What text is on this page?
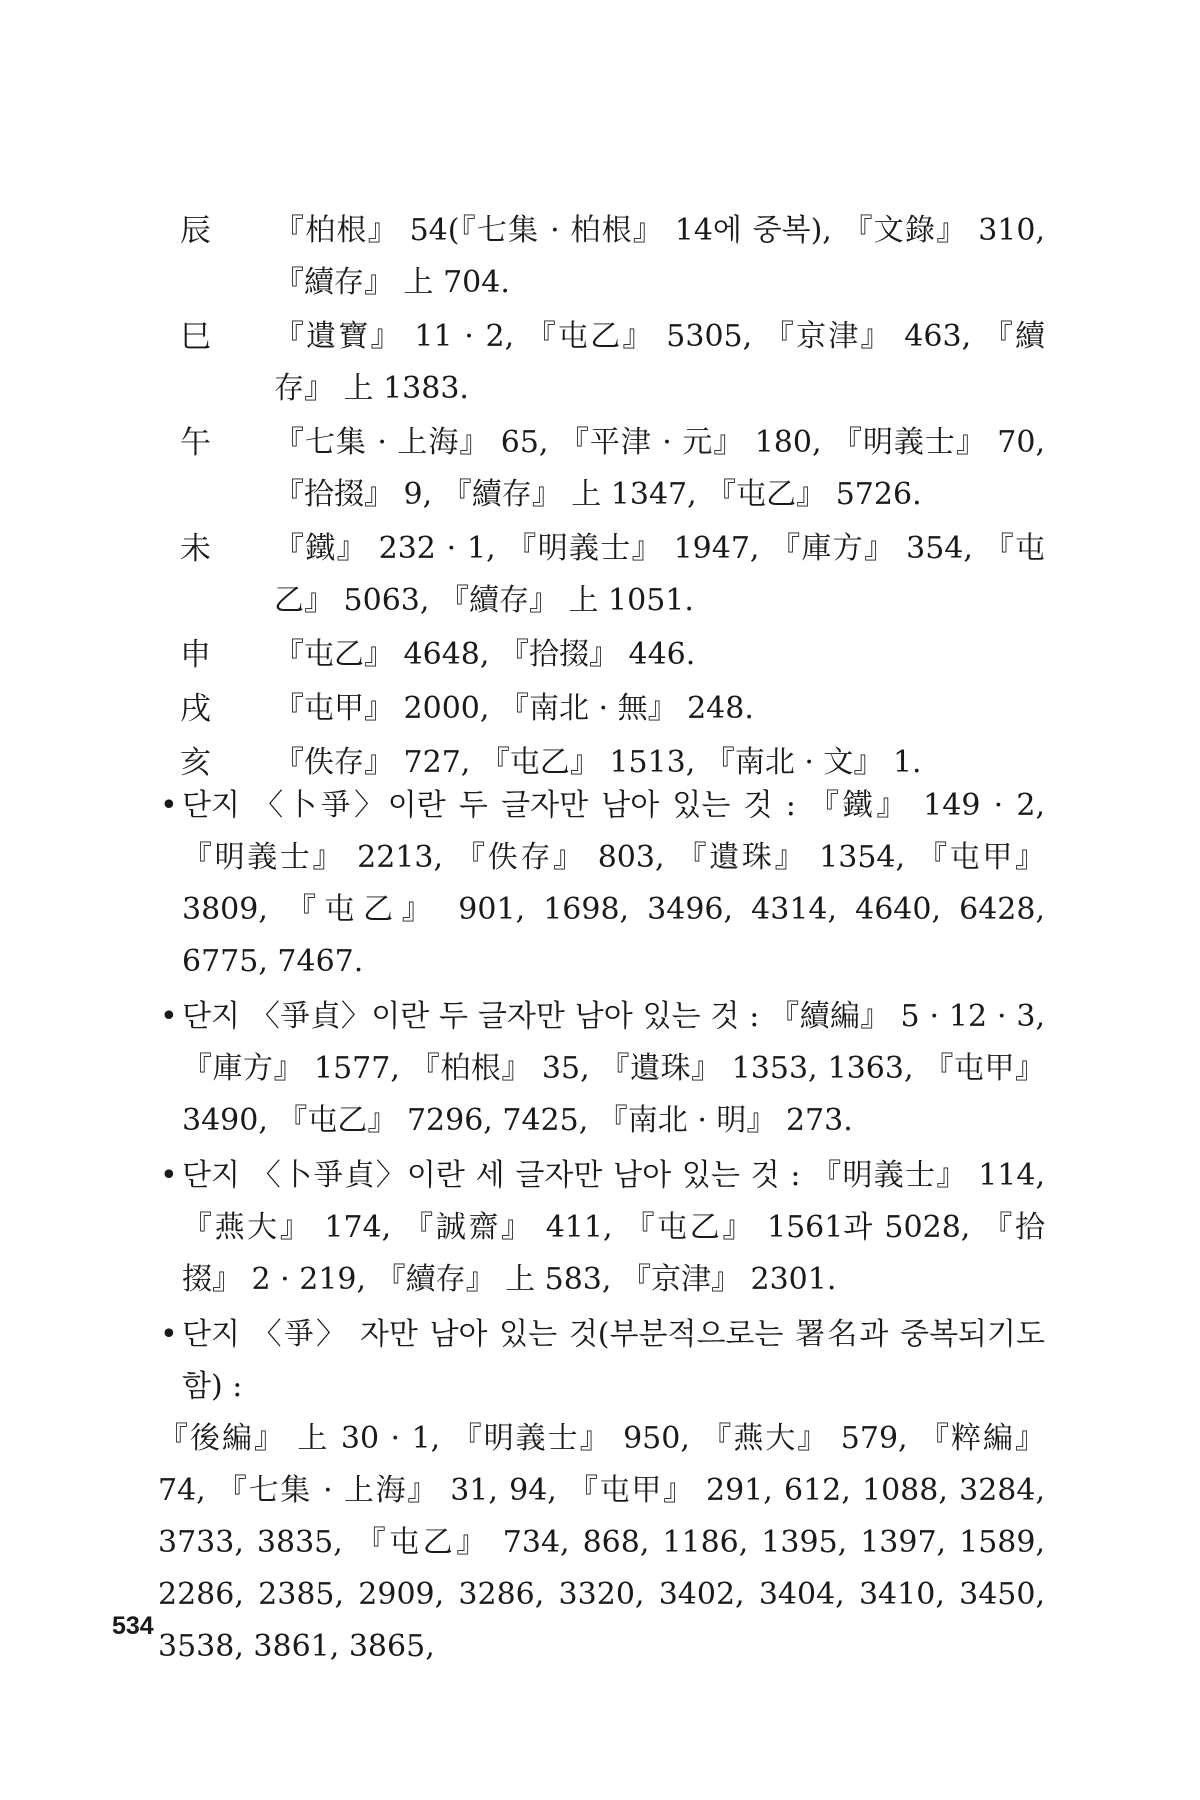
辰	『柏根』 54(『七集 · 柏根』 14에 중복), 『文錄』 310, 『續存』 上 704.
巳	『遺寶』 11 · 2, 『屯乙』 5305, 『京津』 463, 『續存』 上 1383.
午	『七集 · 上海』 65, 『平津 · 元』 180, 『明義士』 70, 『拾掇』 9, 『續存』 上 1347, 『屯乙』 5726.
未	『鐵』 232 · 1, 『明義士』 1947, 『庫方』 354, 『屯乙』 5063, 『續存』 上 1051.
申	『屯乙』 4648, 『拾掇』 446.
戌	『屯甲』 2000, 『南北 · 無』 248.
亥	『佚存』 727, 『屯乙』 1513, 『南北 · 文』 1.
• 단지 〈卜爭〉이란 두 글자만 남아 있는 것 : 『鐵』 149 · 2, 『明義士』 2213, 『佚存』 803, 『遺珠』 1354, 『屯甲』 3809, 『屯乙』 901, 1698, 3496, 4314, 4640, 6428, 6775, 7467.
• 단지 〈爭貞〉이란 두 글자만 남아 있는 것 : 『續編』 5 · 12 · 3, 『庫方』 1577, 『柏根』 35, 『遺珠』 1353, 1363, 『屯甲』 3490, 『屯乙』 7296, 7425, 『南北 · 明』 273.
• 단지 〈卜爭貞〉이란 세 글자만 남아 있는 것 : 『明義士』 114, 『燕大』 174, 『誠齋』 411, 『屯乙』 1561과 5028, 『拾掇』 2 · 219, 『續存』 上 583, 『京津』 2301.
• 단지 〈爭〉 자만 남아 있는 것(부분적으로는 署名과 중복되기도 함) :
『後編』 上 30 · 1, 『明義士』 950, 『燕大』 579, 『粹編』 74, 『七集 · 上海』 31, 94, 『屯甲』 291, 612, 1088, 3284, 3733, 3835, 『屯乙』 734, 868, 1186, 1395, 1397, 1589, 2286, 2385, 2909, 3286, 3320, 3402, 3404, 3410, 3450, 3538, 3861, 3865,
534
